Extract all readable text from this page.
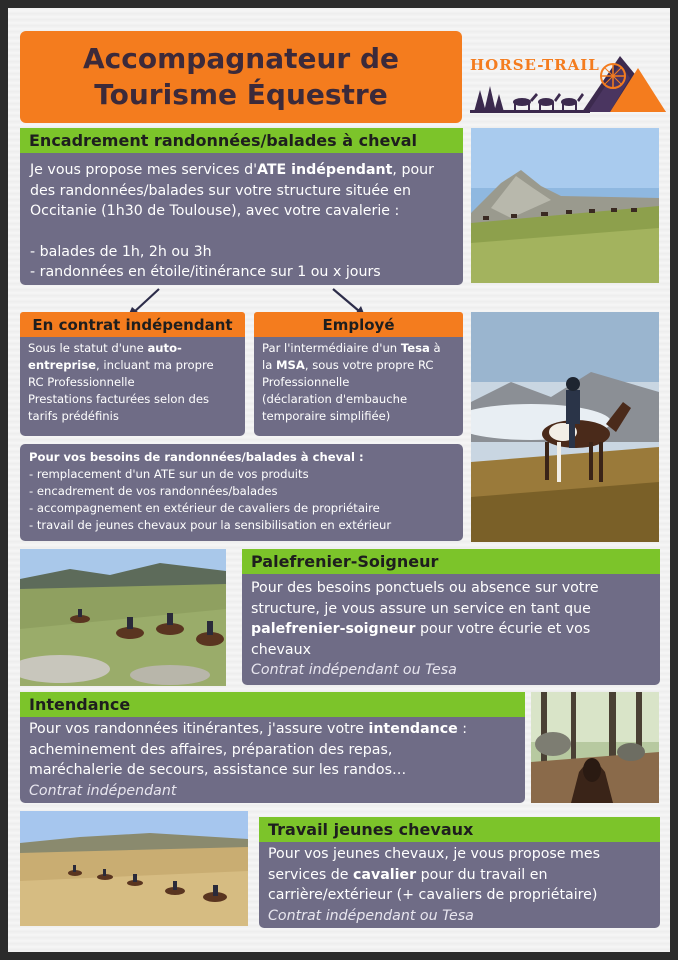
Accompagnateur de
Tourisme Équestre
HORSE-TRAIL
Encadrement randonnées/balades à cheval
Je vous propose mes services d'ATE indépendant, pour
des randonnées/balades sur votre structure située en
Occitanie (1h30 de Toulouse), avec votre cavalerie :
- balades de 1h, 2h ou 3h
- randonnées en étoile/itinérance sur 1 ou x jours
En contrat indépendant
Sous le statut d'une auto-
entreprise, incluant ma propre
RC Professionnelle
Prestations facturées selon des
tarifs prédéfinis
Employé
Par l'intermédiaire d'un Tesa à
la MSA, sous votre propre RC
Professionnelle
(déclaration d'embauche
temporaire simplifiée)
Pour vos besoins de randonnées/balades à cheval :
- remplacement d'un ATE sur un de vos produits
- encadrement de vos randonnées/balades
- accompagnement en extérieur de cavaliers de propriétaire
- travail de jeunes chevaux pour la sensibilisation en extérieur
Palefrenier-Soigneur
Pour des besoins ponctuels ou absence sur votre
structure, je vous assure un service en tant que
palefrenier-soigneur pour votre écurie et vos
chevaux
Contrat indépendant ou Tesa
Intendance
Pour vos randonnées itinérantes, j'assure votre intendance :
acheminement des affaires, préparation des repas,
maréchalerie de secours, assistance sur les randos…
Contrat indépendant
Travail jeunes chevaux
Pour vos jeunes chevaux, je vous propose mes
services de cavalier pour du travail en
carrière/extérieur (+ cavaliers de propriétaire)
Contrat indépendant ou Tesa
